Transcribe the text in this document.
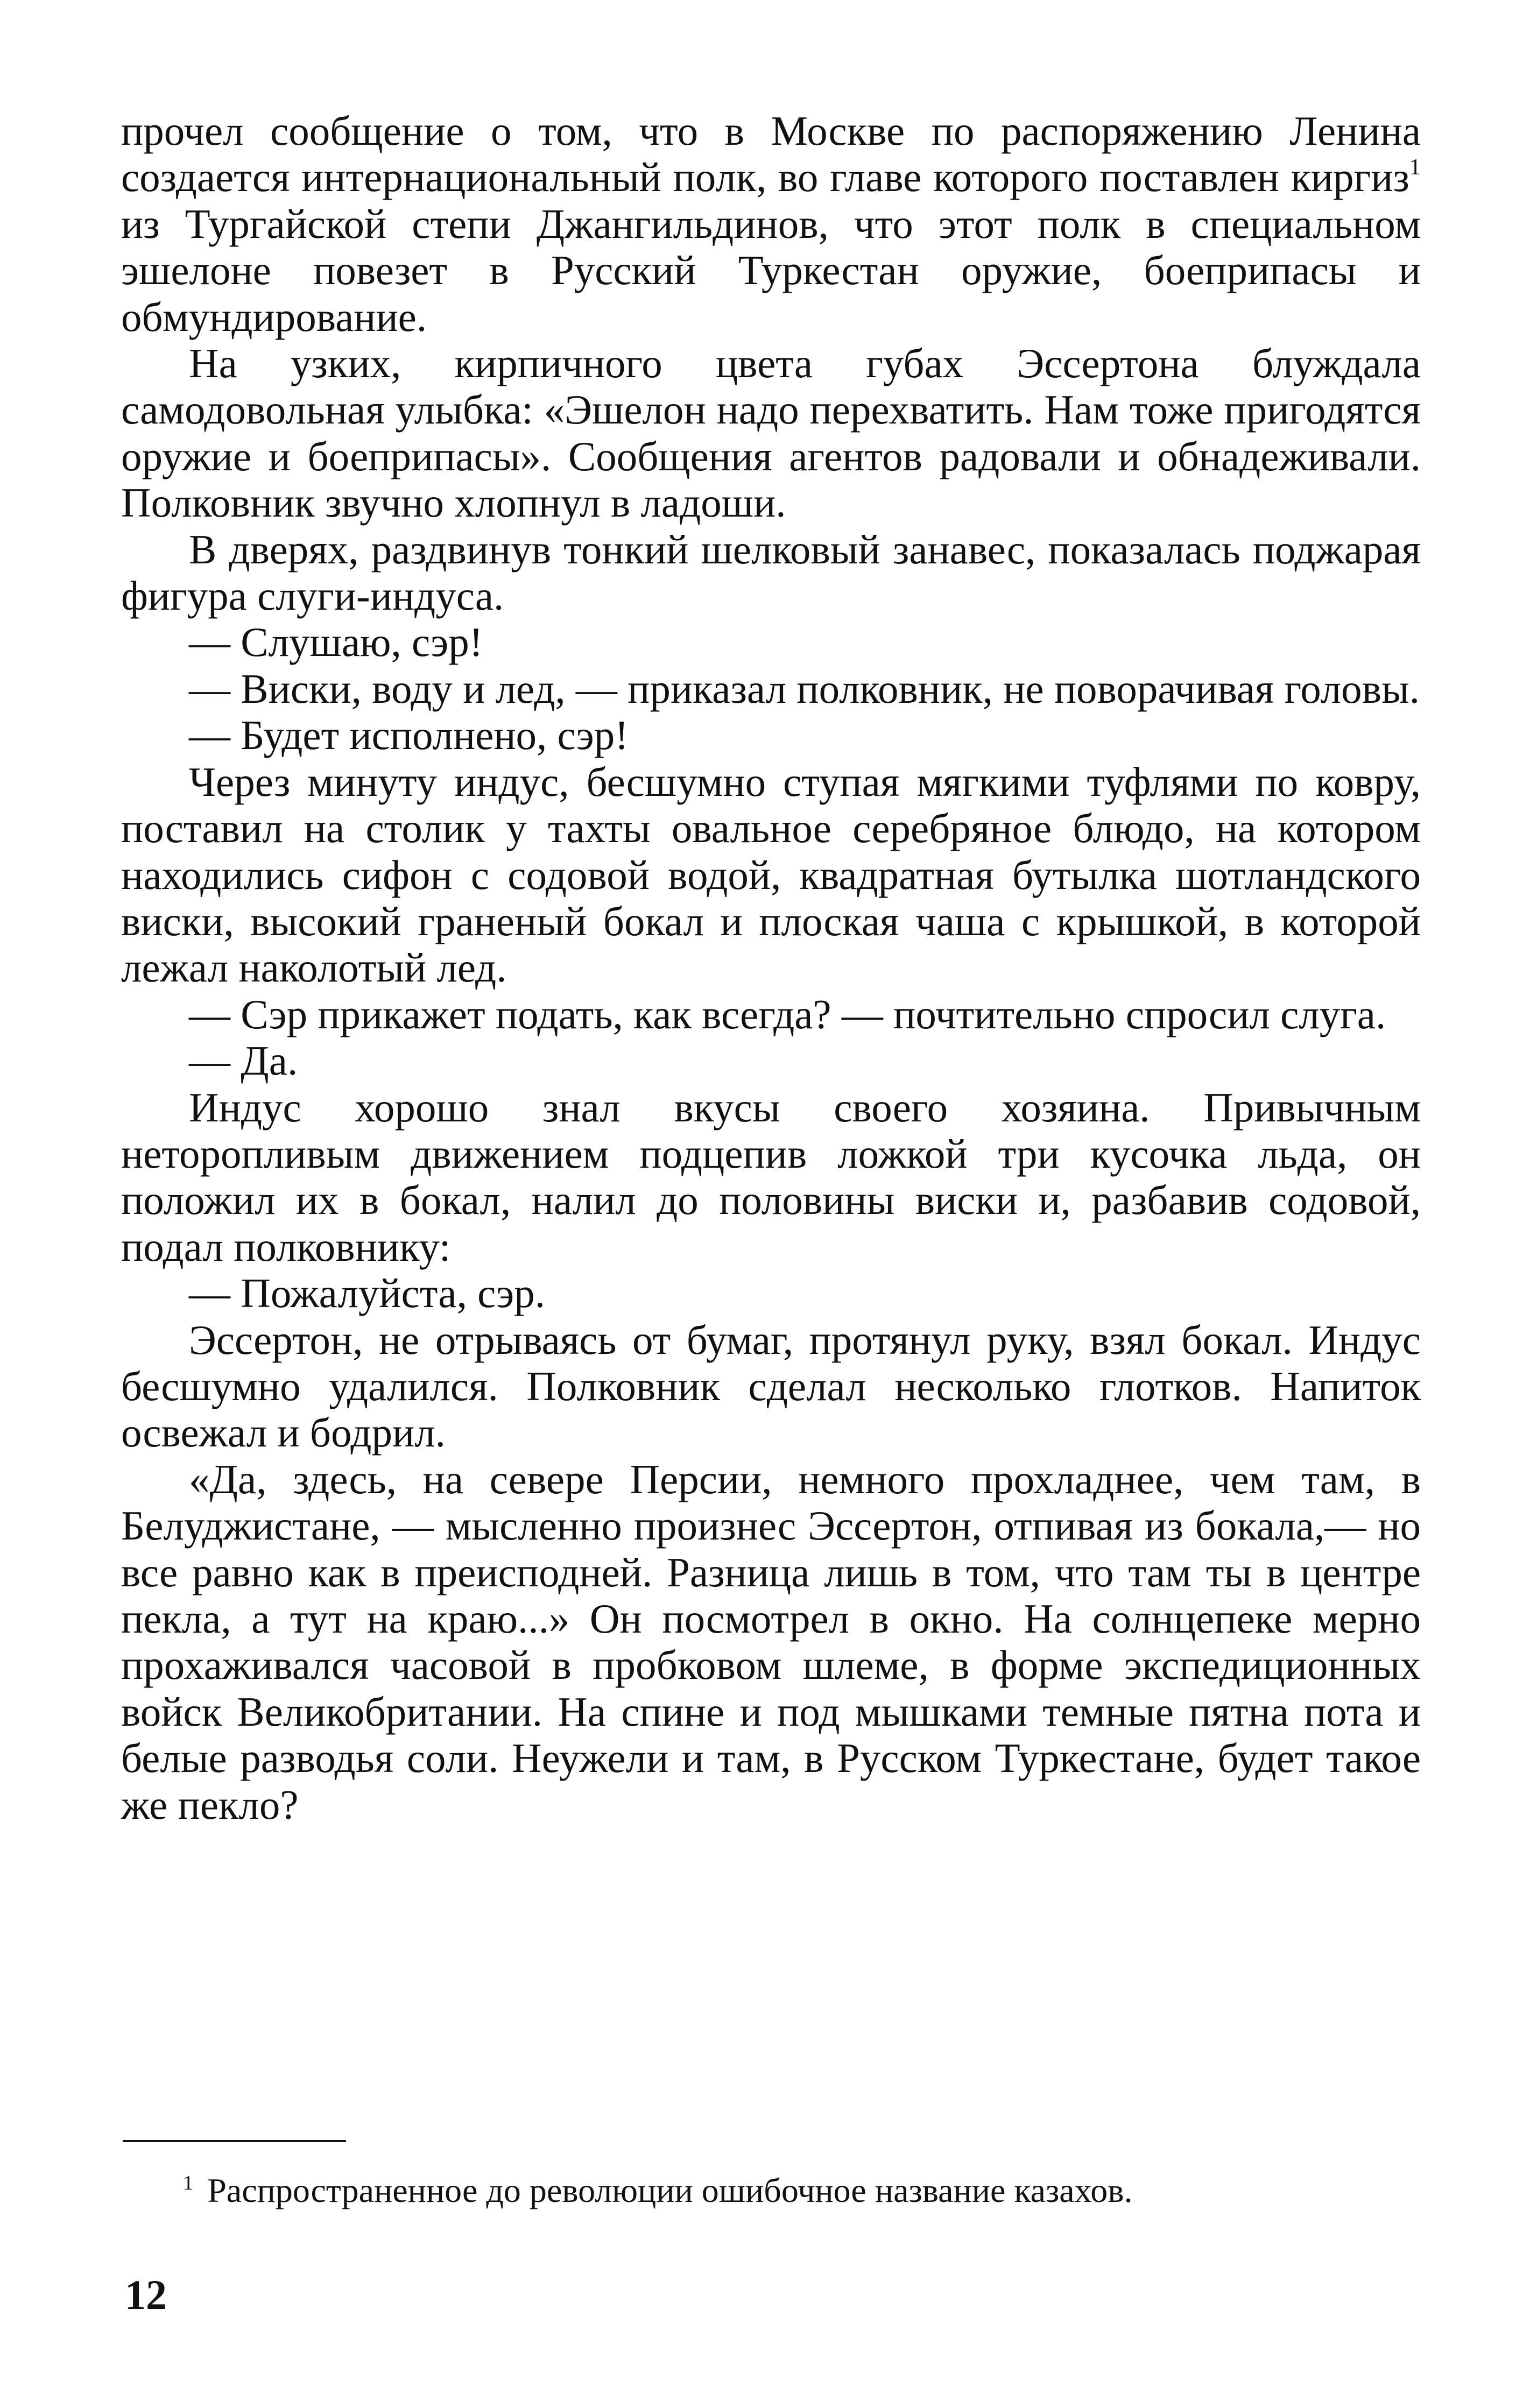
прочел сообщение о том, что в Москве по распоряжению Ленина создается интернациональный полк, во главе которого поставлен киргиз$^1$ из Тургайской степи Джангильдинов, что этот полк в специальном эшелоне повезет в Русский Туркестан оружие, боеприпасы и обмундирование.

На узких, кирпичного цвета губах Эссертона блуждала самодовольная улыбка: «Эшелон надо перехватить. Нам тоже пригодятся оружие и боеприпасы». Сообщения агентов радовали и обнадеживали. Полковник звучно хлопнул в ладоши.

В дверях, раздвинув тонкий шелковый занавес, показалась поджарая фигура слуги-индуса.

— Слушаю, сэр!

— Виски, воду и лед, — приказал полковник, не поворачивая головы.

— Будет исполнено, сэр!

Через минуту индус, бесшумно ступая мягкими туфлями по ковру, поставил на столик у тахты овальное серебряное блюдо, на котором находились сифон с содовой водой, квадратная бутылка шотландского виски, высокий граненый бокал и плоская чаша с крышкой, в которой лежал наколотый лед.

— Сэр прикажет подать, как всегда? — почтительно спросил слуга.

— Да.

Индус хорошо знал вкусы своего хозяина. Привычным неторопливым движением подцепив ложкой три кусочка льда, он положил их в бокал, налил до половины виски и, разбавив содовой, подал полковнику:

— Пожалуйста, сэр.

Эссертон, не отрываясь от бумаг, протянул руку, взял бокал. Индус бесшумно удалился. Полковник сделал несколько глотков. Напиток освежал и бодрил.

«Да, здесь, на севере Персии, немного прохладнее, чем там, в Белуджистане, — мысленно произнес Эссертон, отпивая из бокала,— но все равно как в преисподней. Разница лишь в том, что там ты в центре пекла, а тут на краю...» Он посмотрел в окно. На солнцепеке мерно прохаживался часовой в пробковом шлеме, в форме экспедиционных войск Великобритании. На спине и под мышками темные пятна пота и белые разводья соли. Неужели и там, в Русском Туркестане, будет такое же пекло?

$^1$ Распространенное до революции ошибочное название казахов.
12
